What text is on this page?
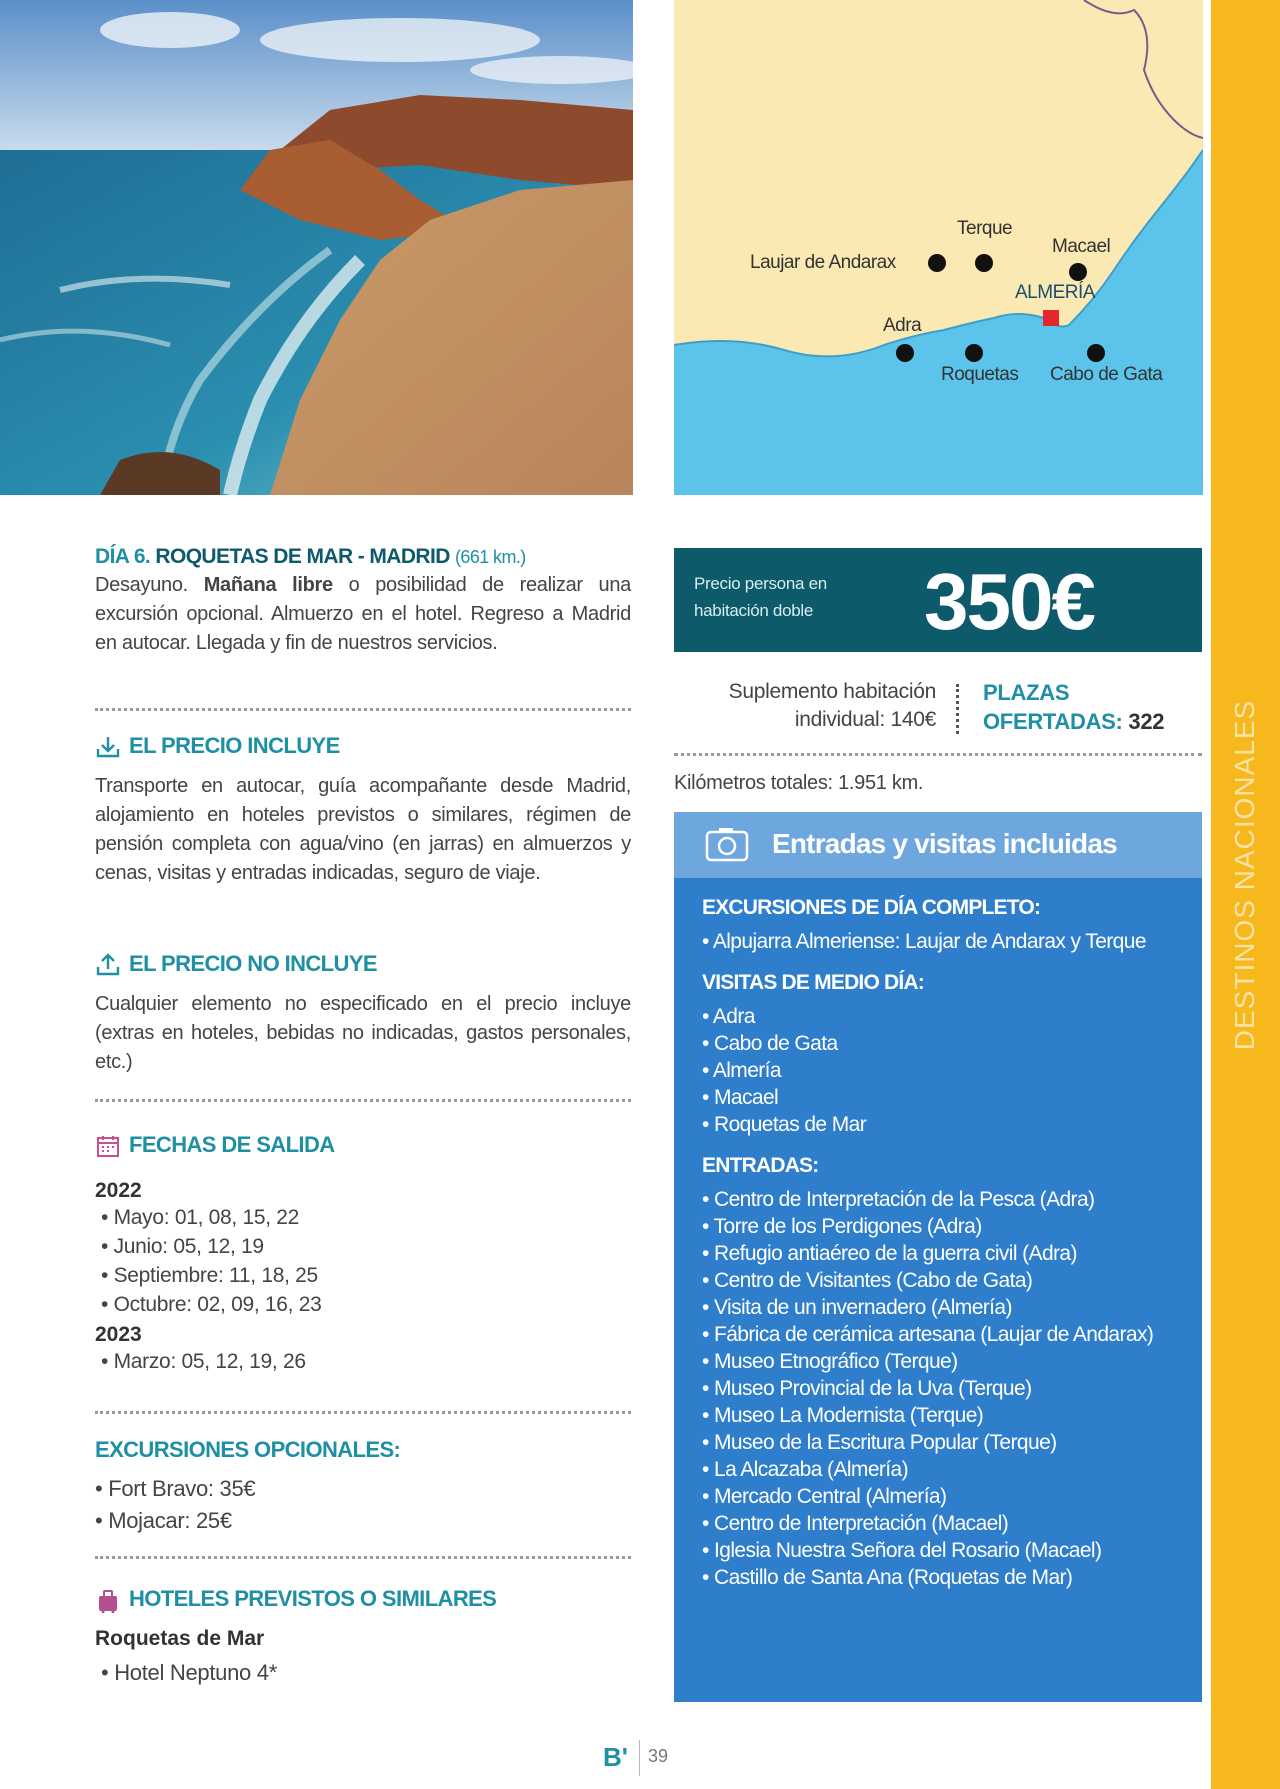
Laujar de Andarax
Terque
Macael
ALMERÍA
Adra
Roquetas Cabo de Gata
DESTINOS NACIONALES
DÍA 6. ROQUETAS DE MAR - MADRID (661 km.)
Desayuno. Mañana libre o posibilidad de realizar una excursión opcional. Almuerzo en el hotel. Regreso a Madrid en autocar. Llegada y fin de nuestros servicios.
EL PRECIO INCLUYE
Transporte en autocar, guía acompañante desde Madrid, alojamiento en hoteles previstos o similares, régimen de pensión completa con agua/vino (en jarras) en almuerzos y cenas, visitas y entradas indicadas, seguro de viaje.
EL PRECIO NO INCLUYE
Cualquier elemento no especificado en el precio incluye (extras en hoteles, bebidas no indicadas, gastos personales, etc.)
FECHAS DE SALIDA
2022
• Mayo: 01, 08, 15, 22
• Junio: 05, 12, 19
• Septiembre: 11, 18, 25
• Octubre: 02, 09, 16, 23
2023
• Marzo: 05, 12, 19, 26
EXCURSIONES OPCIONALES:
• Fort Bravo: 35€
• Mojacar: 25€
HOTELES PREVISTOS O SIMILARES
Roquetas de Mar
• Hotel Neptuno 4*
Precio persona en habitación doble	350€
Suplemento habitación
individual: 140€
PLAZAS
OFERTADAS: 322
Kilómetros totales: 1.951 km.
Entradas y visitas incluidas
EXCURSIONES DE DÍA COMPLETO:
• Alpujarra Almeriense: Laujar de Andarax y Terque
VISITAS DE MEDIO DÍA:
• Adra
• Cabo de Gata
• Almería
• Macael
• Roquetas de Mar
ENTRADAS:
• Centro de Interpretación de la Pesca (Adra)
• Torre de los Perdigones (Adra)
• Refugio antiaéreo de la guerra civil (Adra)
• Centro de Visitantes (Cabo de Gata)
• Visita de un invernadero (Almería)
• Fábrica de cerámica artesana (Laujar de Andarax)
• Museo Etnográfico (Terque)
• Museo Provincial de la Uva (Terque)
• Museo La Modernista (Terque)
• Museo de la Escritura Popular (Terque)
• La Alcazaba (Almería)
• Mercado Central (Almería)
• Centro de Interpretación (Macael)
• Iglesia Nuestra Señora del Rosario (Macael)
• Castillo de Santa Ana (Roquetas de Mar)
B' 39
